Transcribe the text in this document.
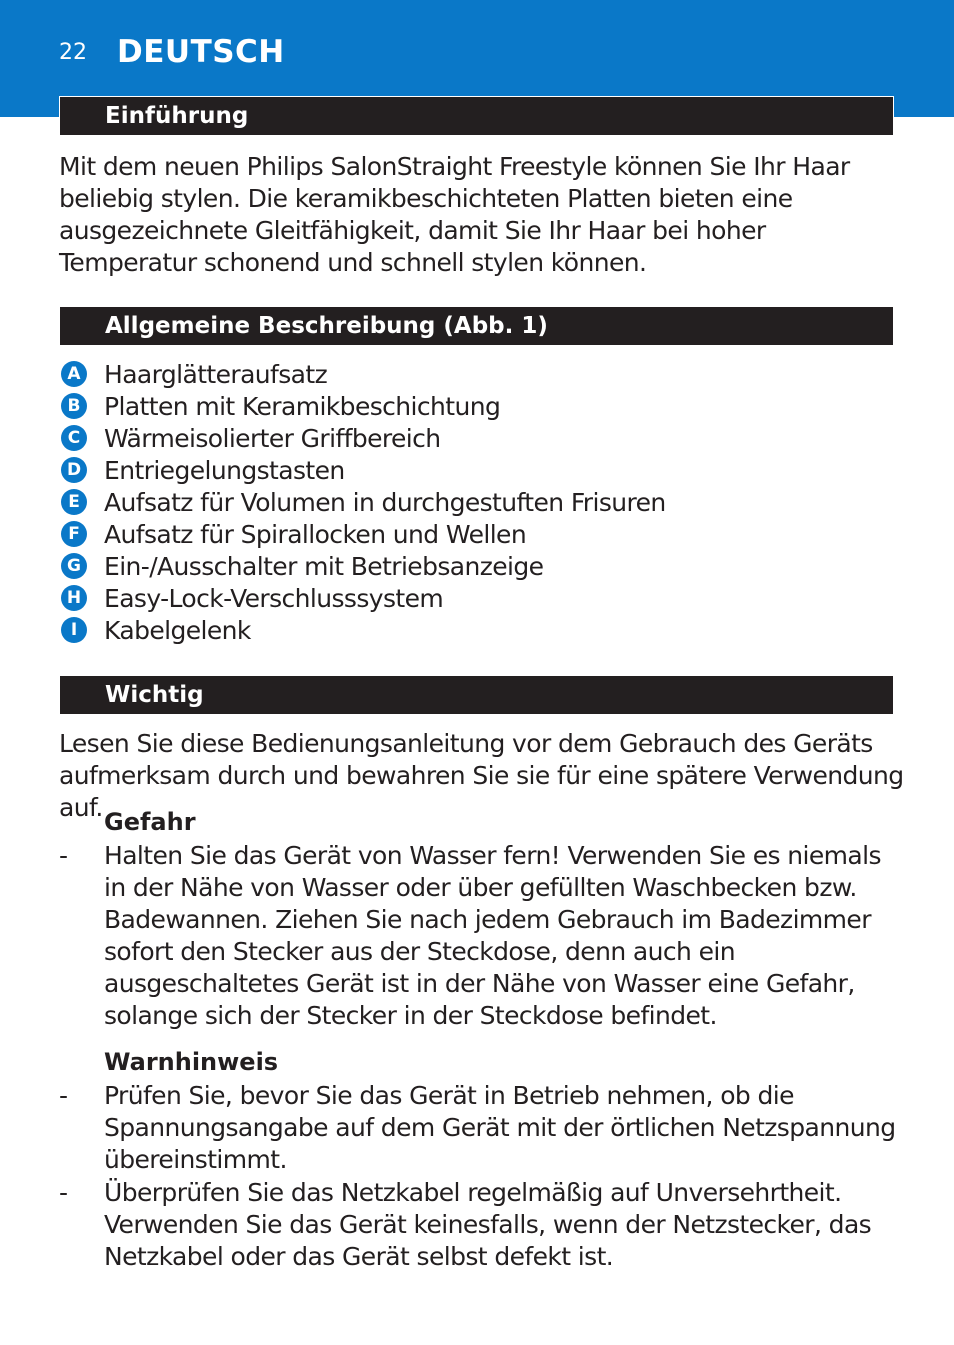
22 DEUTSCH
Einführung
Mit dem neuen Philips SalonStraight Freestyle können Sie Ihr Haar beliebig stylen. Die keramikbeschichteten Platten bieten eine ausgezeichnete Gleitfähigkeit, damit Sie Ihr Haar bei hoher Temperatur schonend und schnell stylen können.
Allgemeine Beschreibung (Abb. 1)
A Haarglätteraufsatz
B Platten mit Keramikbeschichtung
C Wärmeisolierter Griffbereich
D Entriegelungstasten
E Aufsatz für Volumen in durchgestuften Frisuren
F Aufsatz für Spirallocken und Wellen
G Ein-/Ausschalter mit Betriebsanzeige
H Easy-Lock-Verschlusssystem
I	Kabelgelenk
Wichtig
Lesen Sie diese Bedienungsanleitung vor dem Gebrauch des Geräts aufmerksam durch und bewahren Sie sie für eine spätere Verwendung auf. Gefahr
- Halten Sie das Gerät von Wasser fern! Verwenden Sie es niemals in der Nähe von Wasser oder über gefüllten Waschbecken bzw. Badewannen. Ziehen Sie nach jedem Gebrauch im Badezimmer sofort den Stecker aus der Steckdose, denn auch ein ausgeschaltetes Gerät ist in der Nähe von Wasser eine Gefahr, solange sich der Stecker in der Steckdose befindet.
Warnhinweis
- Prüfen Sie, bevor Sie das Gerät in Betrieb nehmen, ob die Spannungsangabe auf dem Gerät mit der örtlichen Netzspannung übereinstimmt.
- Überprüfen Sie das Netzkabel regelmäßig auf Unversehrtheit. Verwenden Sie das Gerät keinesfalls, wenn der Netzstecker, das Netzkabel oder das Gerät selbst defekt ist.
